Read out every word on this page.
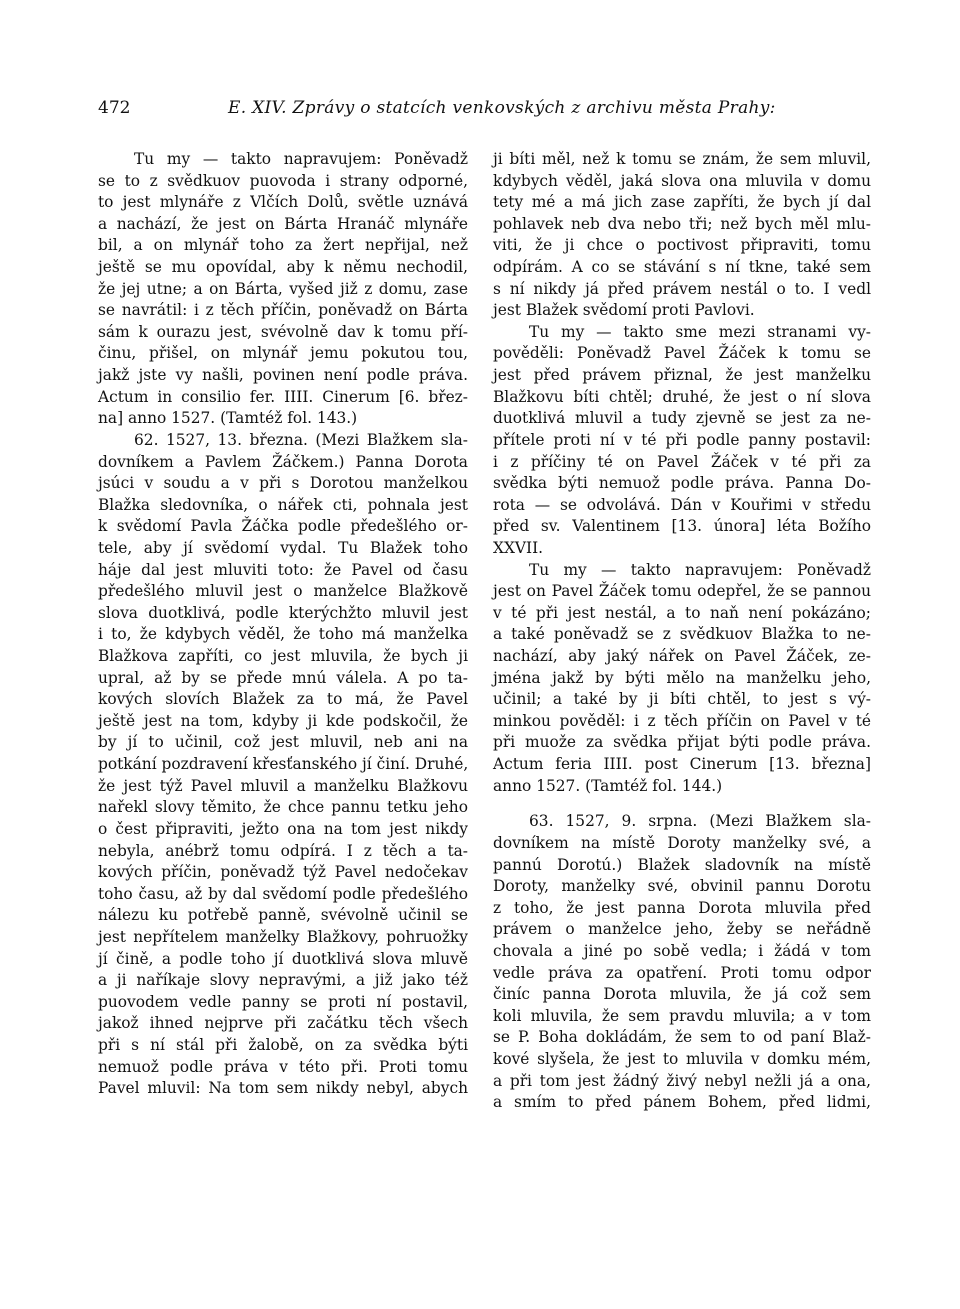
472	E. XIV. Zprávy o statcích venkovských z archivu města Prahy:
Tu my — takto napravujem: Poněvadž
se to z svědkuov puovoda i strany odporné,
to jest mlynáře z Vlčích Dolů, světle uznává
a nachází, že jest on Bárta Hranáč mlynáře
bil, a on mlynář toho za žert nepřijal, než
ještě se mu opovídal, aby k němu nechodil,
že jej utne; a on Bárta, vyšed již z domu, zase
se navrátil: i z těch příčin, poněvadž on Bárta
sám k ourazu jest, svévolně dav k tomu pří-
činu, přišel, on mlynář jemu pokutou tou,
jakž jste vy našli, povinen není podle práva.
Actum in consilio fer. IIII. Cinerum [6. břez-
na] anno 1527. (Tamtéž fol. 143.)
62. 1527, 13. března. (Mezi Blažkem sla-
dovníkem a Pavlem Žáčkem.) Panna Dorota
jsúci v soudu a v při s Dorotou manželkou
Blažka sledovníka, o nářek cti, pohnala jest
k svědomí Pavla Žáčka podle předešlého or-
tele, aby jí svědomí vydal. Tu Blažek toho
háje dal jest mluviti toto: že Pavel od času
předešlého mluvil jest o manželce Blažkově
slova duotklivá, podle kterýchžto mluvil jest
i to, že kdybych věděl, že toho má manželka
Blažkova zapříti, co jest mluvila, že bych ji
upral, až by se přede mnú válela. A po ta-
kových slovích Blažek za to má, že Pavel
ještě jest na tom, kdyby ji kde podskočil, že
by jí to učinil, což jest mluvil, neb ani na
potkání pozdravení křesťanského jí činí. Druhé,
že jest týž Pavel mluvil a manželku Blažkovu
nařekl slovy těmito, že chce pannu tetku jeho
o čest připraviti, ježto ona na tom jest nikdy
nebyla, anébrž tomu odpírá. I z těch a ta-
kových příčin, poněvadž týž Pavel nedočekav
toho času, až by dal svědomí podle předešlého
nálezu ku potřebě panně, svévolně učinil se
jest nepřítelem manželky Blažkovy, pohruožky
jí čině, a podle toho jí duotklivá slova mluvě
a ji naříkaje slovy nepravými, a již jako též
puovodem vedle panny se proti ní postavil,
jakož ihned nejprve při začátku těch všech
při s ní stál při žalobě, on za svědka býti
nemuož podle práva v této při. Proti tomu
Pavel mluvil: Na tom sem nikdy nebyl, abych
ji bíti měl, než k tomu se znám, že sem mluvil,
kdybych věděl, jaká slova ona mluvila v domu
tety mé a má jich zase zapříti, že bych jí dal
pohlavek neb dva nebo tři; než bych měl mlu-
viti, že ji chce o poctivost připraviti, tomu
odpírám. A co se stávání s ní tkne, také sem
s ní nikdy já před právem nestál o to. I vedl
jest Blažek svědomí proti Pavlovi.
Tu my — takto sme mezi stranami vy-
pověděli: Poněvadž Pavel Žáček k tomu se
jest před právem přiznal, že jest manželku
Blažkovu bíti chtěl; druhé, že jest o ní slova
duotklivá mluvil a tudy zjevně se jest za ne-
přítele proti ní v té při podle panny postavil:
i z příčiny té on Pavel Žáček v té při za
svědka býti nemuož podle práva. Panna Do-
rota — se odvolává. Dán v Kouřimi v středu
před sv. Valentinem [13. února] léta Božího
XXVII.
Tu my — takto napravujem: Poněvadž
jest on Pavel Žáček tomu odepřel, že se pannou
v té při jest nestál, a to naň není pokázáno;
a také poněvadž se z svědkuov Blažka to ne-
nachází, aby jaký nářek on Pavel Žáček, ze-
jména jakž by býti mělo na manželku jeho,
učinil; a také by ji bíti chtěl, to jest s vý-
minkou pověděl: i z těch příčin on Pavel v té
při muože za svědka přijat býti podle práva.
Actum feria IIII. post Cinerum [13. března]
anno 1527. (Tamtéž fol. 144.)
63. 1527, 9. srpna. (Mezi Blažkem sla-
dovníkem na místě Doroty manželky své, a
pannú Dorotú.) Blažek sladovník na místě
Doroty, manželky své, obvinil pannu Dorotu
z toho, že jest panna Dorota mluvila před
právem o manželce jeho, žeby se neřádně
chovala a jiné po sobě vedla; i žádá v tom
vedle práva za opatření. Proti tomu odpor
činíc panna Dorota mluvila, že já což sem
koli mluvila, že sem pravdu mluvila; a v tom
se P. Boha dokládám, že sem to od paní Blaž-
kové slyšela, že jest to mluvila v domku mém,
a při tom jest žádný živý nebyl nežli já a ona,
a smím to před pánem Bohem, před lidmi,
